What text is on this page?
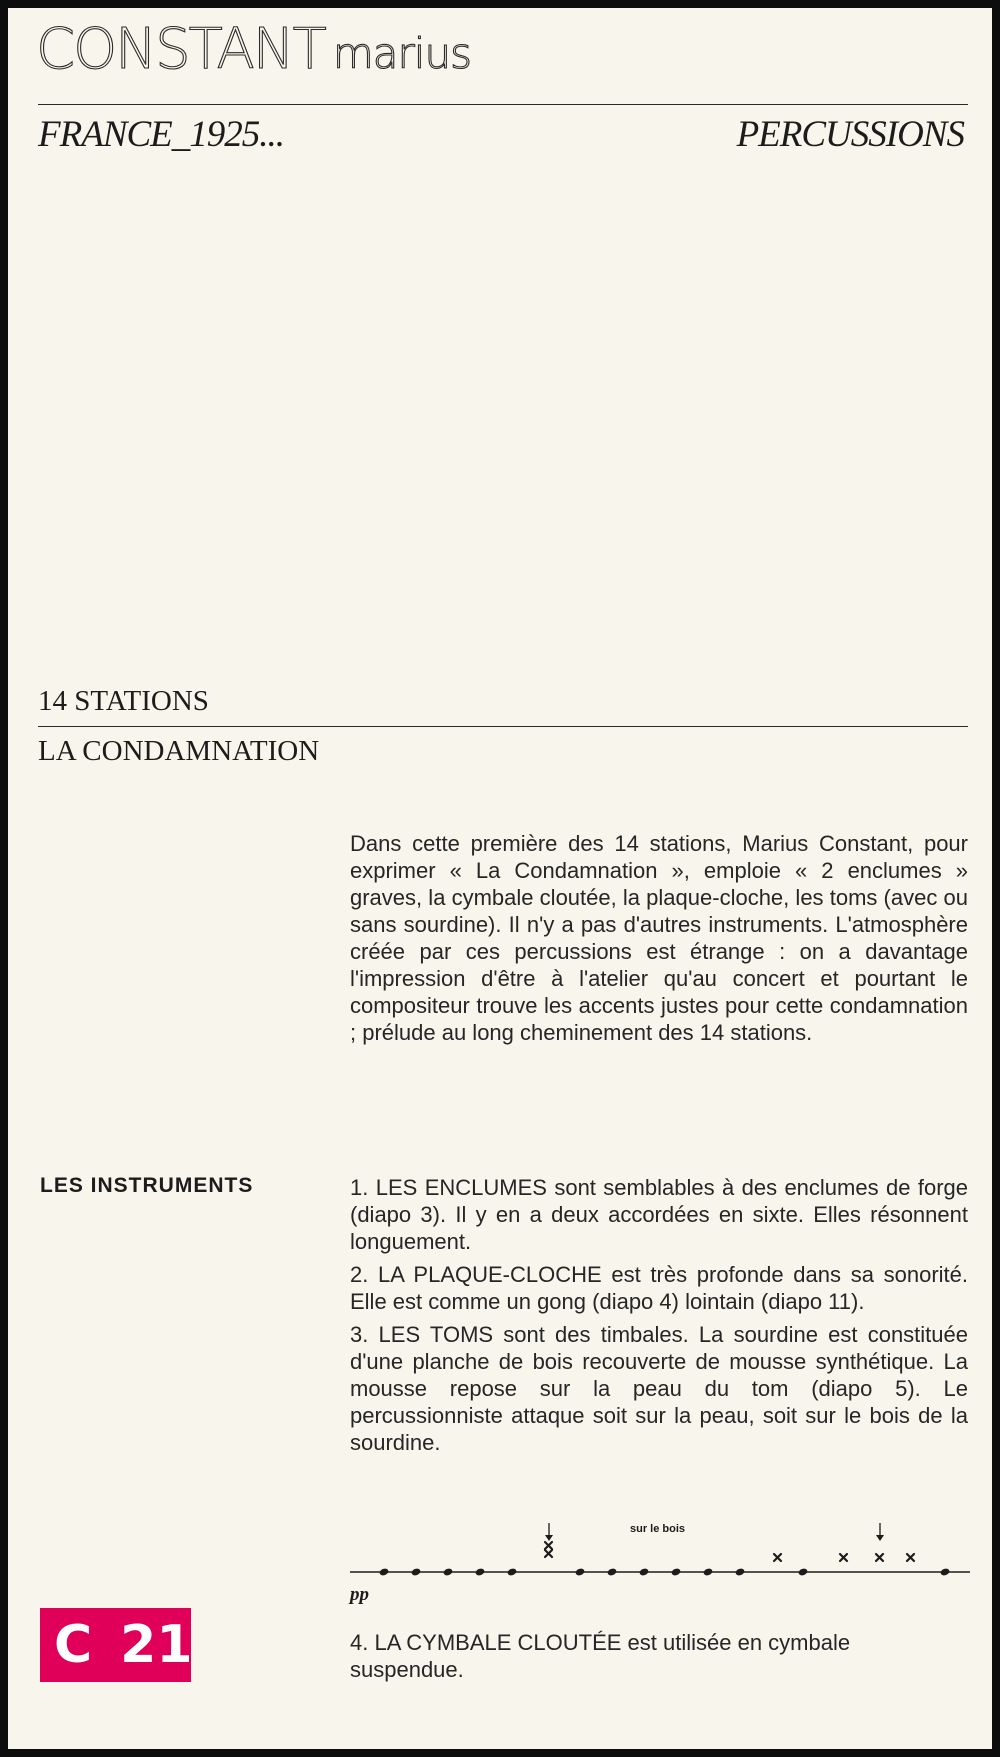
CONSTANT marius
FRANCE_1925...	PERCUSSIONS
14 STATIONS
LA CONDAMNATION

Dans cette première des 14 stations, Marius Constant, pour exprimer « La Condamnation », emploie « 2 enclumes » graves, la cymbale cloutée, la plaque-cloche, les toms (avec ou sans sourdine). Il n'y a pas d'autres instruments. L'atmosphère créée par ces percussions est étrange : on a davantage l'impression d'être à l'atelier qu'au concert et pourtant le compositeur trouve les accents justes pour cette condamnation ; prélude au long cheminement des 14 stations.

LES INSTRUMENTS	1. LES ENCLUMES sont semblables à des enclumes de forge (diapo 3). Il y en a deux accordées en sixte. Elles résonnent longuement.

2. LA PLAQUE-CLOCHE est très profonde dans sa sonorité. Elle est comme un gong (diapo 4) lointain (diapo 11).

3. LES TOMS sont des timbales. La sourdine est constituée d'une planche de bois recouverte de mousse synthétique. La mousse repose sur la peau du tom (diapo 5). Le percussionniste attaque soit sur la peau, soit sur le bois de la sourdine.

sur le bois
pp

4. LA CYMBALE CLOUTÉE est utilisée en cymbale suspendue.

C 21
